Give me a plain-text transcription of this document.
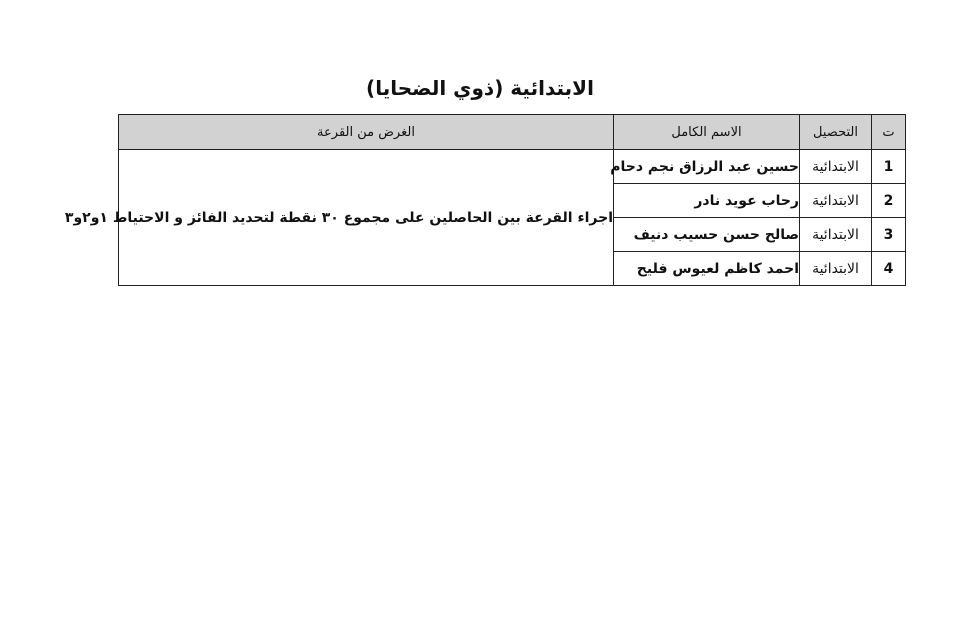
الابتدائية (ذوي الضحايا)
ت	التحصيل	الاسم الكامل	الغرض من القرعة
1	الابتدائية	حسين عبد الرزاق نجم دحام	اجراء القرعة بين الحاصلين على مجموع ٣٠ نقطة لتحديد الفائز و الاحتياط ١و٢و٣
2	الابتدائية	رحاب عويد نادر	
3	الابتدائية	صالح حسن حسيب دنيف	
4	الابتدائية	احمد كاظم لعيوس فليح	
